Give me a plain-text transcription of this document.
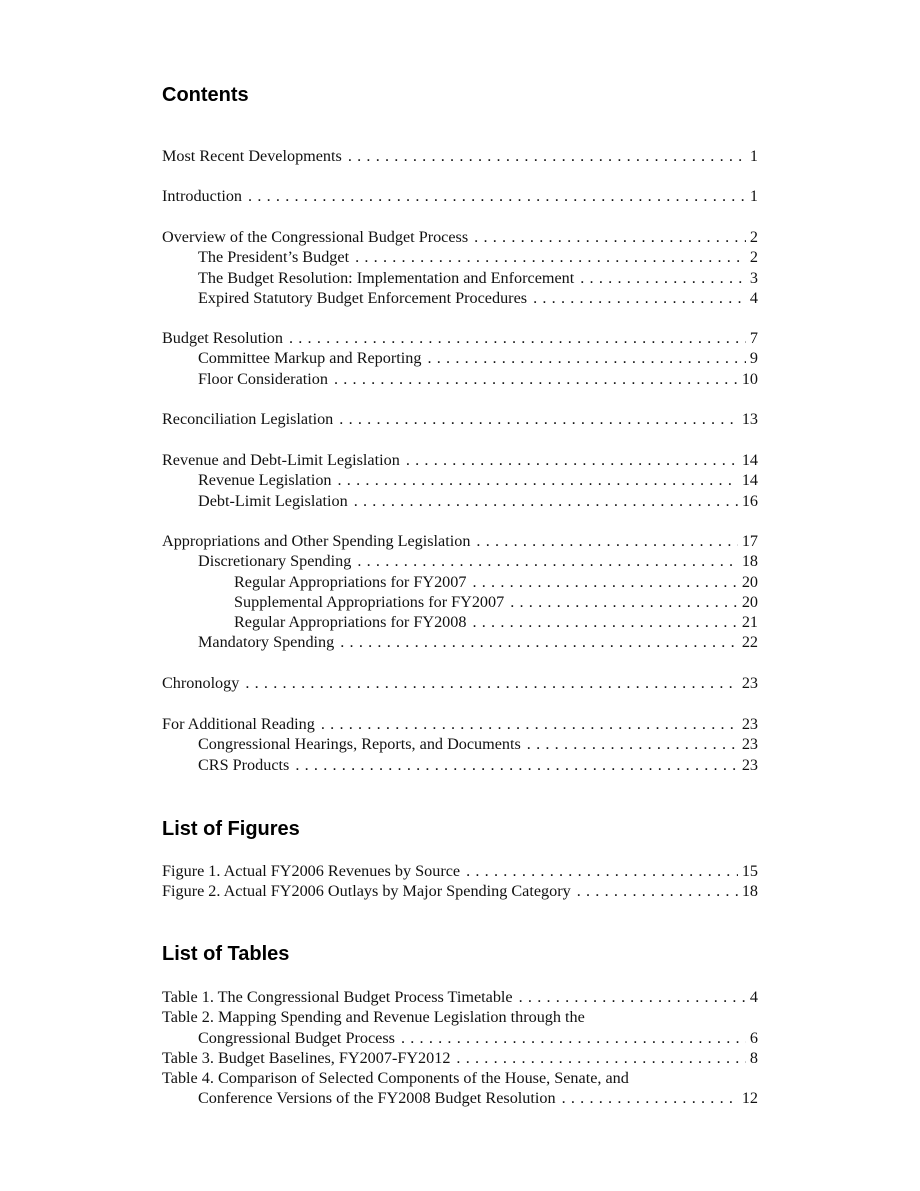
Contents
Most Recent Developments . . .	1
Introduction . . .	1
Overview of the Congressional Budget Process . . .	2
The President’s Budget . . .	2
The Budget Resolution: Implementation and Enforcement . . .	3
Expired Statutory Budget Enforcement Procedures . . .	4
Budget Resolution . . .	7
Committee Markup and Reporting . . .	9
Floor Consideration . . .	10
Reconciliation Legislation . . .	13
Revenue and Debt-Limit Legislation . . .	14
Revenue Legislation . . .	14
Debt-Limit Legislation . . .	16
Appropriations and Other Spending Legislation . . .	17
Discretionary Spending . . .	18
Regular Appropriations for FY2007 . . .	20
Supplemental Appropriations for FY2007 . . .	20
Regular Appropriations for FY2008 . . .	21
Mandatory Spending . . .	22
Chronology . . .	23
For Additional Reading . . .	23
Congressional Hearings, Reports, and Documents . . .	23
CRS Products . . .	23
List of Figures
Figure 1. Actual FY2006 Revenues by Source . . .	15
Figure 2. Actual FY2006 Outlays by Major Spending Category . . .	18
List of Tables
Table 1. The Congressional Budget Process Timetable . . .	4
Table 2. Mapping Spending and Revenue Legislation through the
Congressional Budget Process . . .	6
Table 3. Budget Baselines, FY2007-FY2012 . . .	8
Table 4. Comparison of Selected Components of the House, Senate, and
Conference Versions of the FY2008 Budget Resolution . . .	12
